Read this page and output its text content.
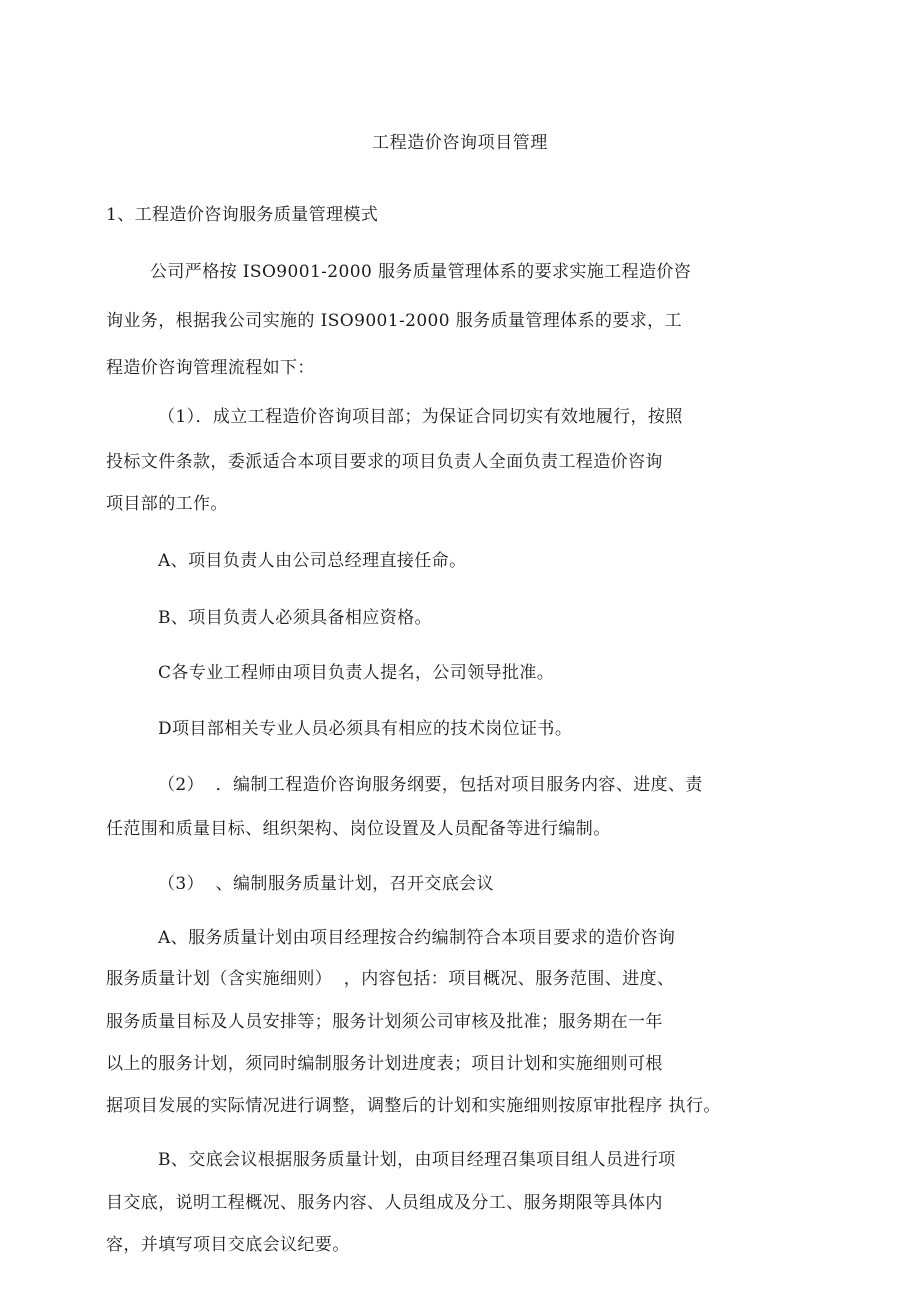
工程造价咨询项目管理
1、工程造价咨询服务质量管理模式
公司严格按 ISO9001-2000 服务质量管理体系的要求实施工程造价咨
询业务，根据我公司实施的 ISO9001-2000 服务质量管理体系的要求，工
程造价咨询管理流程如下：
（1）．成立工程造价咨询项目部；为保证合同切实有效地履行，按照
投标文件条款，委派适合本项目要求的项目负责人全面负责工程造价咨询
项目部的工作。
A、项目负责人由公司总经理直接任命。
B、项目负责人必须具备相应资格。
C各专业工程师由项目负责人提名，公司领导批准。
D项目部相关专业人员必须具有相应的技术岗位证书。
（2）  ．编制工程造价咨询服务纲要，包括对项目服务内容、进度、责
任范围和质量目标、组织架构、岗位设置及人员配备等进行编制。
（3）  、编制服务质量计划，召开交底会议
A、服务质量计划由项目经理按合约编制符合本项目要求的造价咨询
服务质量计划（含实施细则）  ，内容包括：项目概况、服务范围、进度、
服务质量目标及人员安排等；服务计划须公司审核及批准；服务期在一年
以上的服务计划，须同时编制服务计划进度表；项目计划和实施细则可根
据项目发展的实际情况进行调整，调整后的计划和实施细则按原审批程序 执行。
B、交底会议根据服务质量计划，由项目经理召集项目组人员进行项
目交底，说明工程概况、服务内容、人员组成及分工、服务期限等具体内
容，并填写项目交底会议纪要。
